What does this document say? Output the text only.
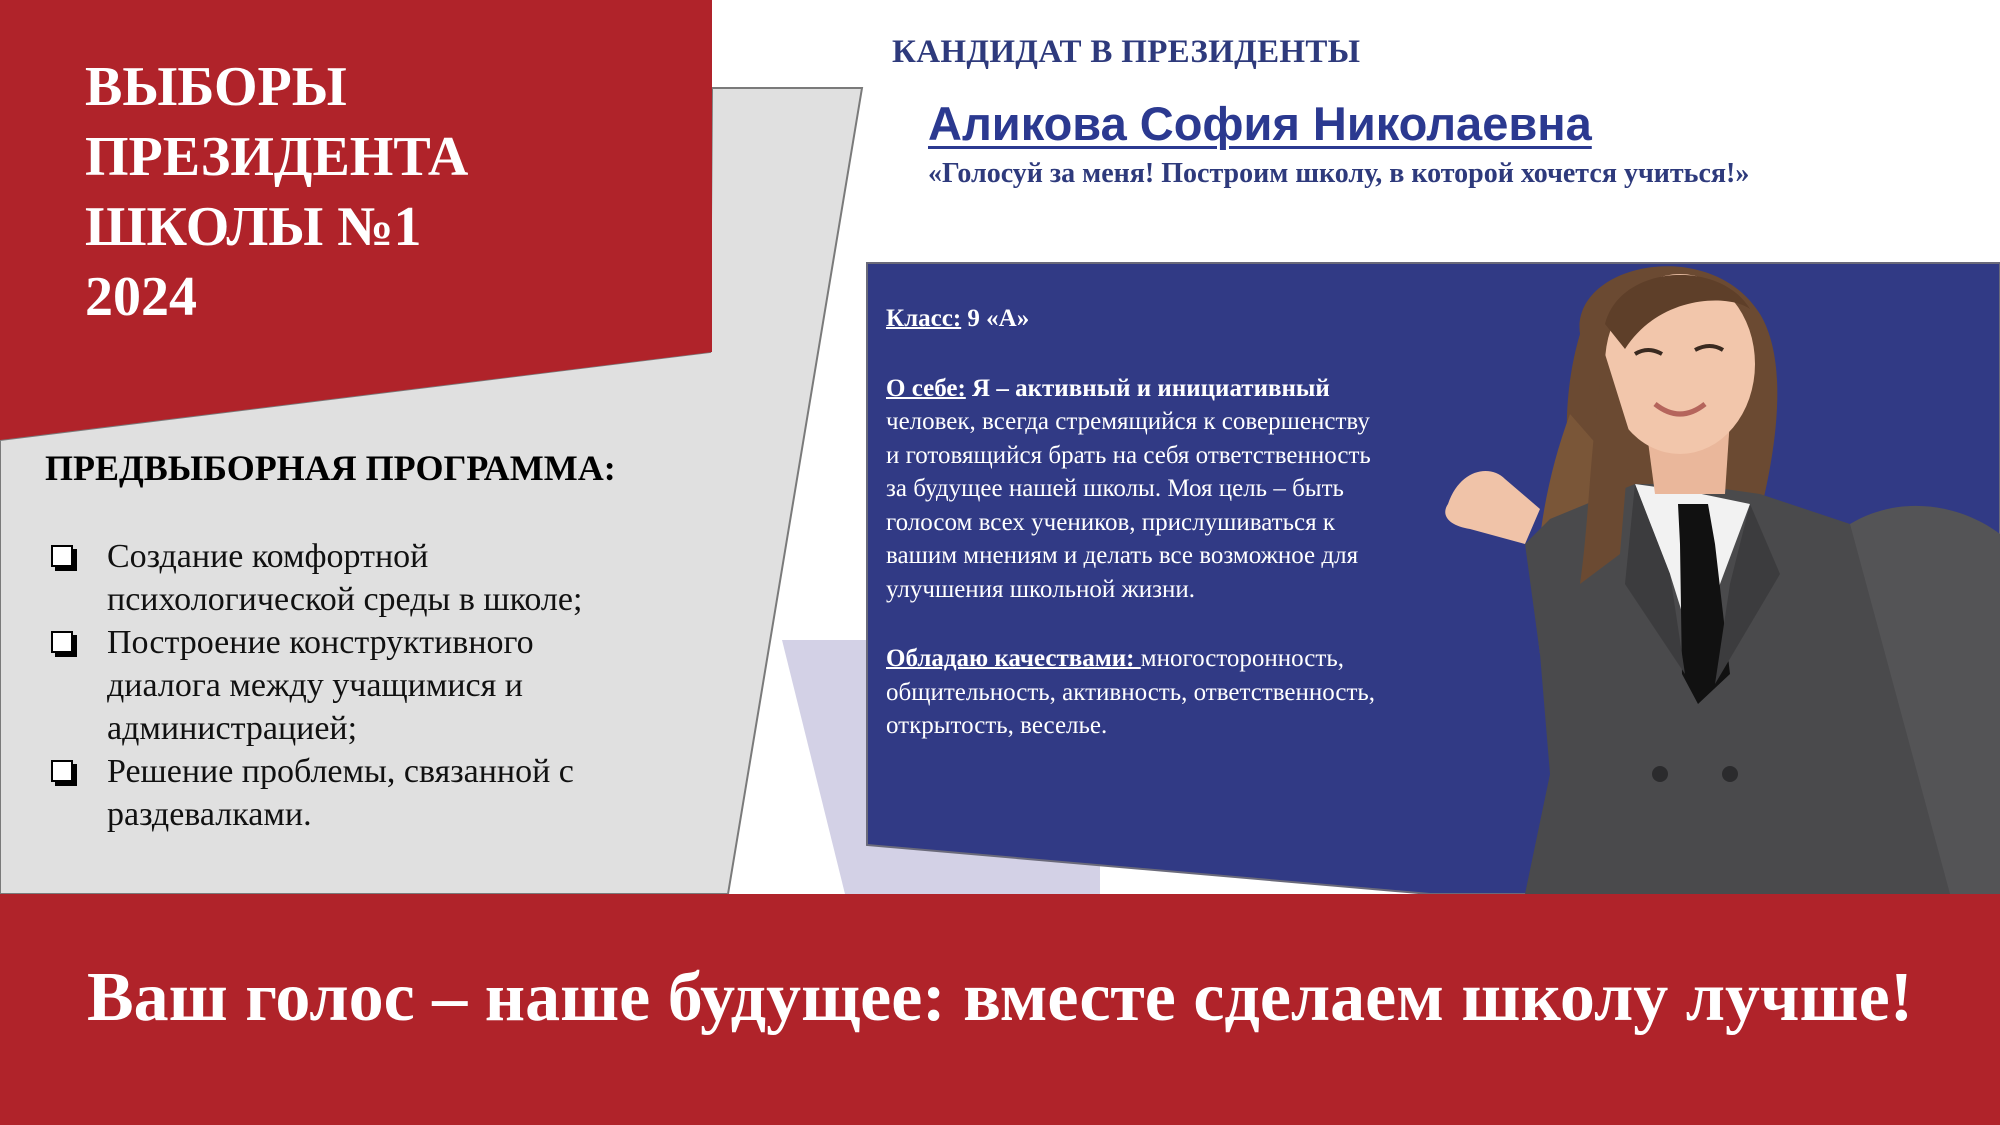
ВЫБОРЫ
ПРЕЗИДЕНТА
ШКОЛЫ №1
2024
ПРЕДВЫБОРНАЯ ПРОГРАММА:
Создание комфортной
психологической среды в школе;
Построение конструктивного
диалога между учащимися и
администрацией;
Решение проблемы, связанной с
раздевалками.
КАНДИДАТ В ПРЕЗИДЕНТЫ
Аликова София Николаевна

«Голосуй за меня! Построим школу, в которой хочется учиться!»

Класс: 9 «А»

О себе: Я – активный и инициативный

человек, всегда стремящийся к совершенству

и готовящийся брать на себя ответственность

за будущее нашей школы. Моя цель – быть

голосом всех учеников, прислушиваться к

вашим мнениям и делать все возможное для

улучшения школьной жизни.

Обладаю качествами: многосторонность,

общительность, активность, ответственность,

открытость, веселье.

Ваш голос – наше будущее: вместе сделаем школу лучше!
